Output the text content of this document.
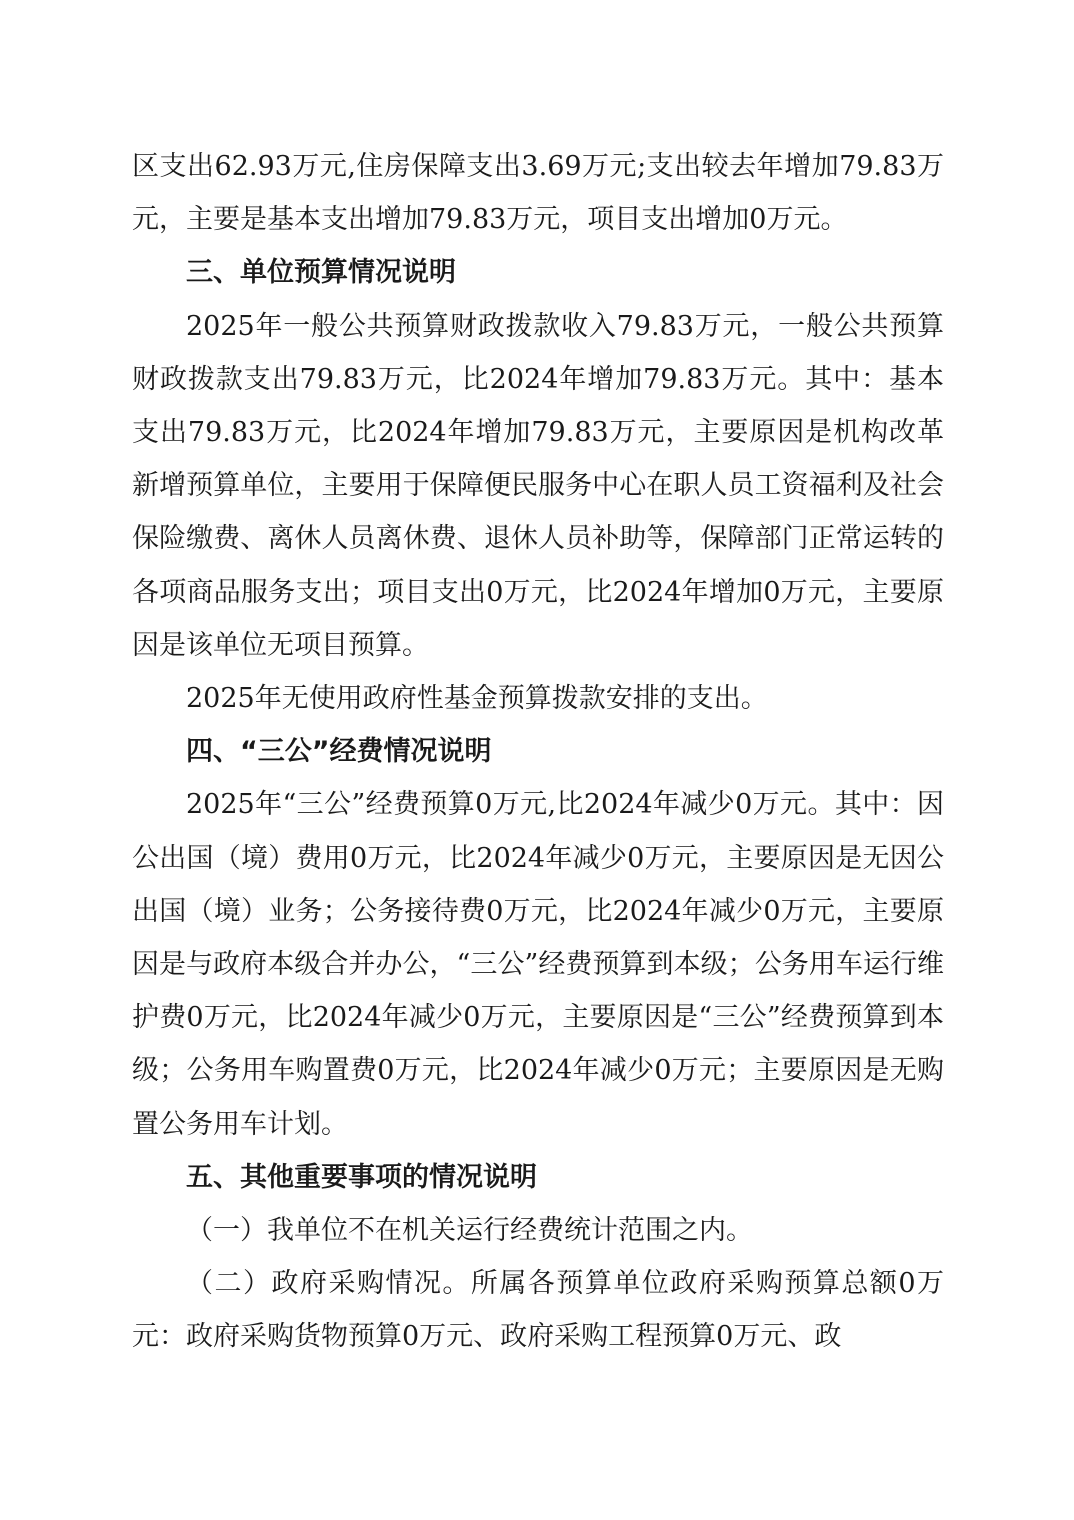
区支出62.93万元,住房保障支出3.69万元;支出较去年增加79.83万元，主要是基本支出增加79.83万元，项目支出增加0万元。

三、单位预算情况说明

2025年一般公共预算财政拨款收入79.83万元，一般公共预算财政拨款支出79.83万元，比2024年增加79.83万元。其中：基本支出79.83万元，比2024年增加79.83万元，主要原因是机构改革新增预算单位，主要用于保障便民服务中心在职人员工资福利及社会保险缴费、离休人员离休费、退休人员补助等，保障部门正常运转的各项商品服务支出；项目支出0万元，比2024年增加0万元，主要原因是该单位无项目预算。

2025年无使用政府性基金预算拨款安排的支出。

四、“三公”经费情况说明

2025年“三公”经费预算0万元,比2024年减少0万元。其中：因公出国（境）费用0万元，比2024年减少0万元，主要原因是无因公出国（境）业务；公务接待费0万元，比2024年减少0万元，主要原因是与政府本级合并办公，“三公”经费预算到本级；公务用车运行维护费0万元，比2024年减少0万元，主要原因是“三公”经费预算到本级；公务用车购置费0万元，比2024年减少0万元；主要原因是无购置公务用车计划。

五、其他重要事项的情况说明

（一）我单位不在机关运行经费统计范围之内。

（二）政府采购情况。所属各预算单位政府采购预算总额0万元：政府采购货物预算0万元、政府采购工程预算0万元、政
